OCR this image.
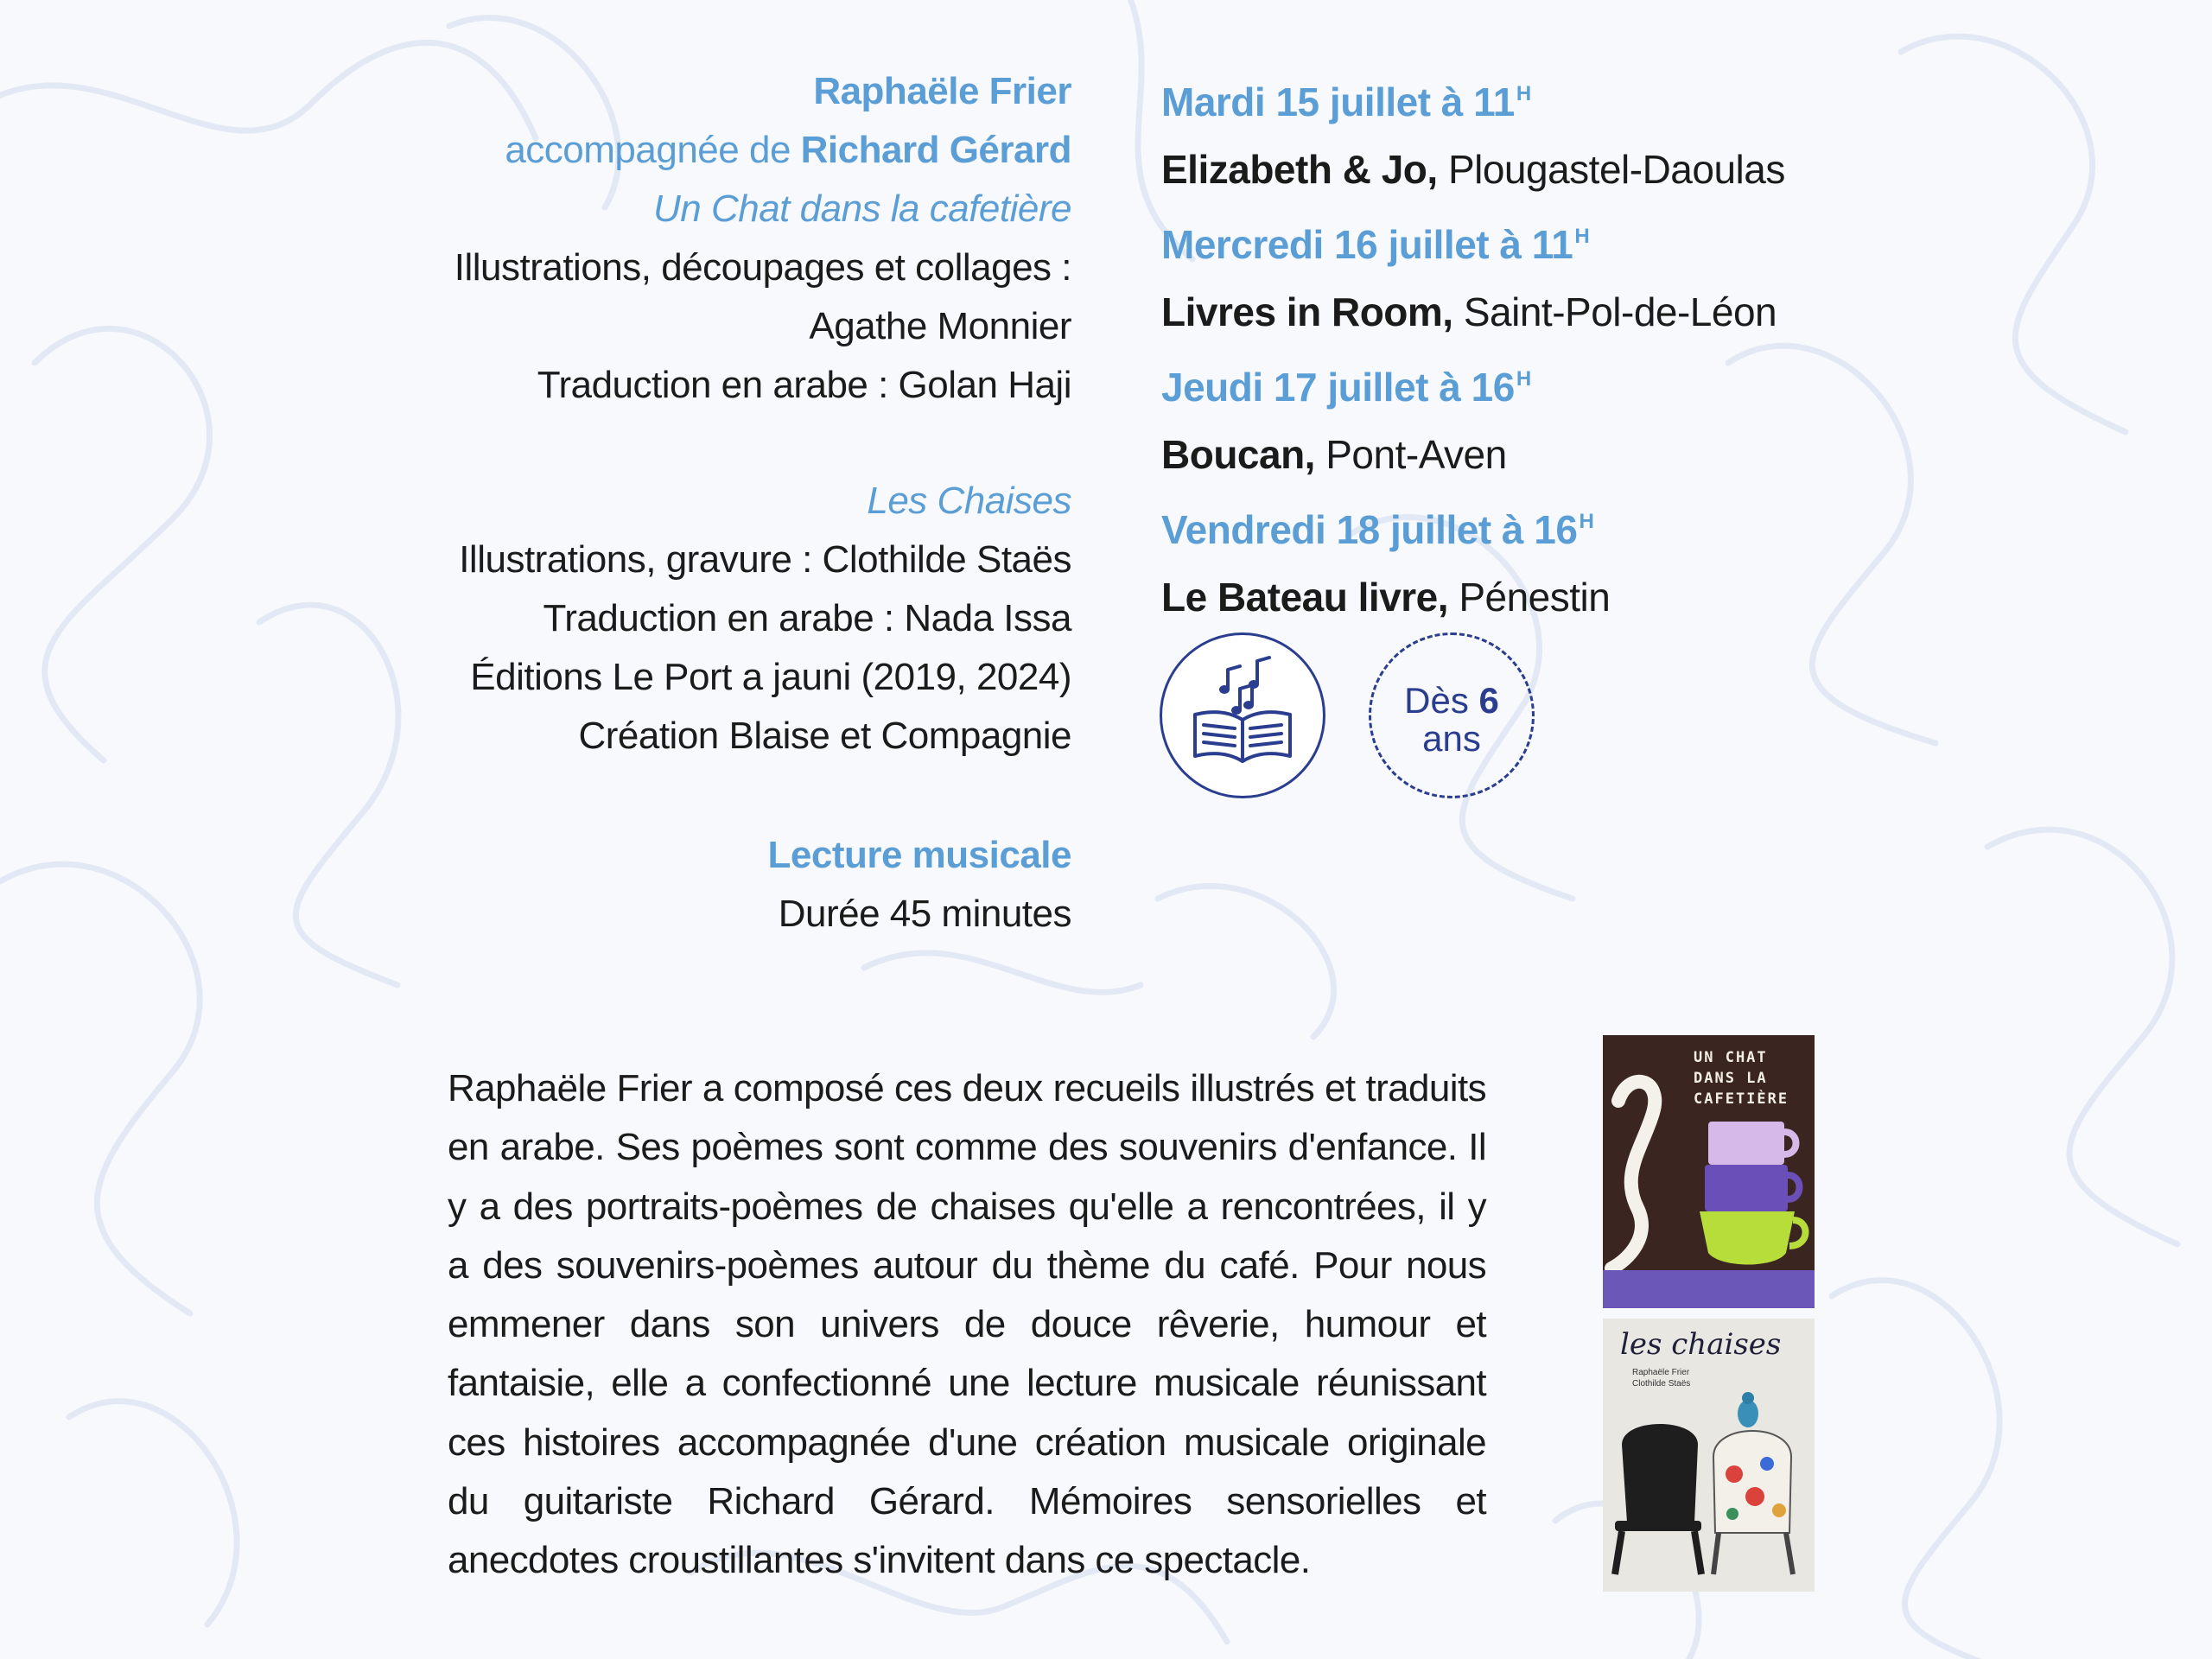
Raphaële Frier
accompagnée de Richard Gérard
Un Chat dans la cafetière
Illustrations, découpages et collages :
Agathe Monnier
Traduction en arabe : Golan Haji
Les Chaises
Illustrations, gravure : Clothilde Staës
Traduction en arabe : Nada Issa
Éditions Le Port a jauni (2019, 2024)
Création Blaise et Compagnie
Lecture musicale
Durée 45 minutes
Mardi 15 juillet à $11^H$
Elizabeth & Jo, Plougastel-Daoulas
Mercredi 16 juillet à $11^H$
Livres in Room, Saint-Pol-de-Léon
Jeudi 17 juillet à $16^H$
Boucan, Pont-Aven
Vendredi 18 juillet à $16^H$
Le Bateau livre, Pénestin
Dès 6
ans
Raphaële Frier a composé ces deux recueils illustrés et traduits en arabe. Ses poèmes sont comme des souvenirs d'enfance. Il y a des portraits-poèmes de chaises qu'elle a rencontrées, il y a des souvenirs-poèmes autour du thème du café. Pour nous emmener dans son univers de douce rêverie, humour et fantaisie, elle a confectionné une lecture musicale réunissant ces histoires accompagnée d'une création musicale originale du guitariste Richard Gérard. Mémoires sensorielles et anecdotes croustillantes s'invitent dans ce spectacle.
UN CHAT
DANS LA
CAFETIÈRE
les chaises
Raphaële Frier
Clothilde Staës
